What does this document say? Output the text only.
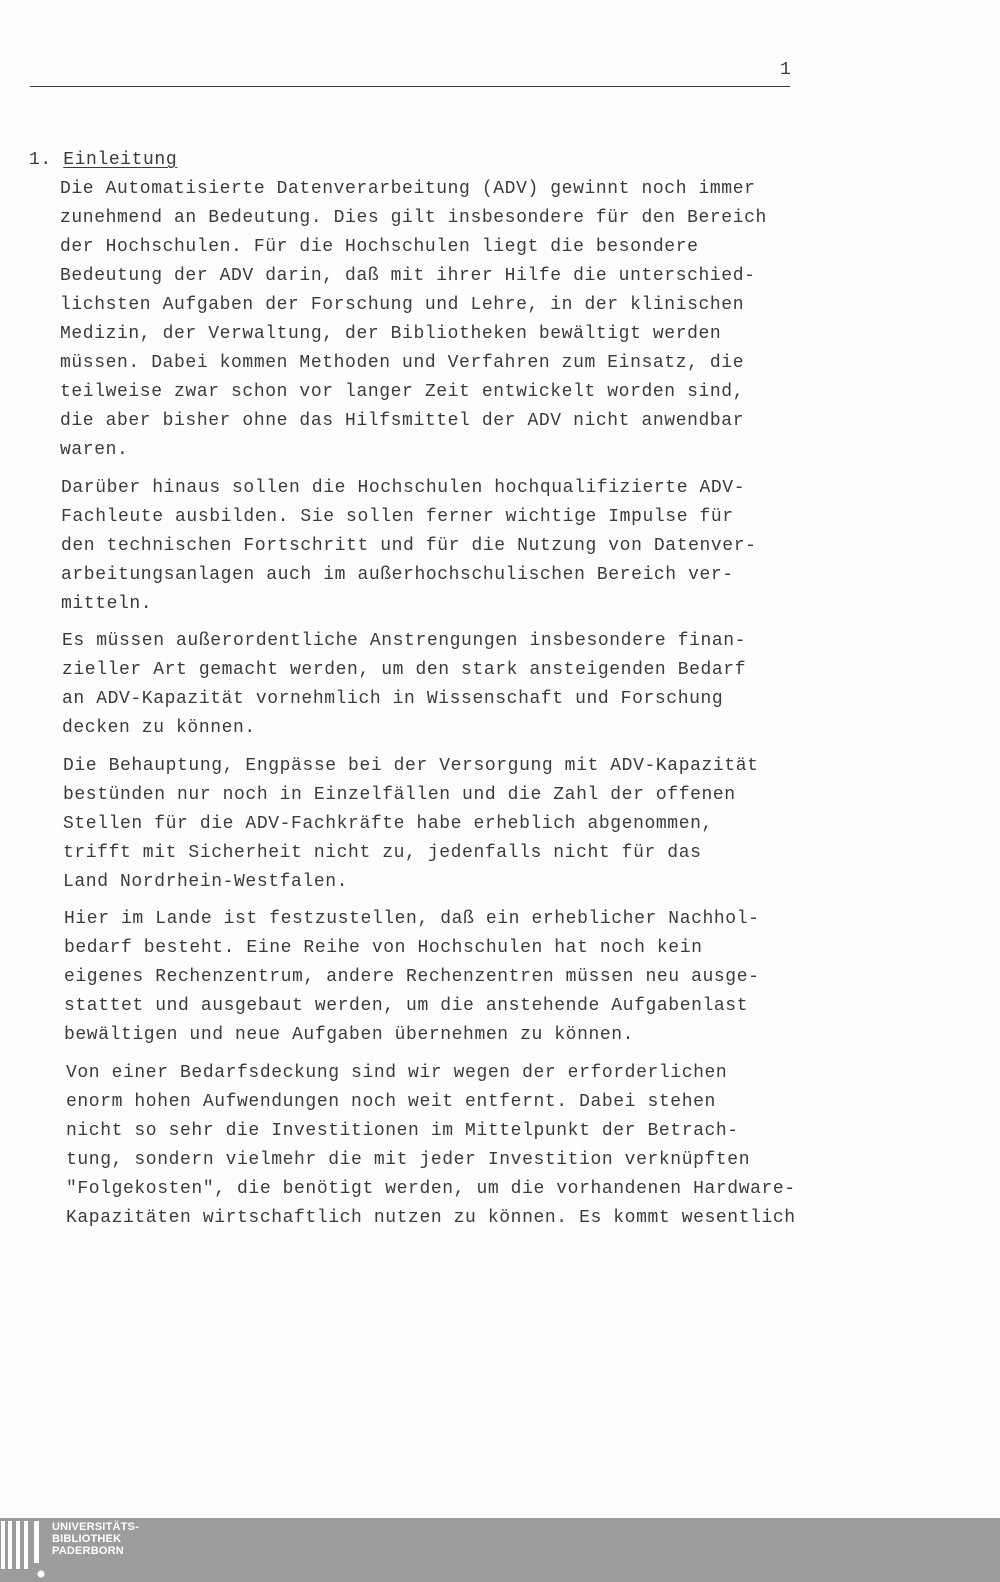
1
1. Einleitung
Die Automatisierte Datenverarbeitung (ADV) gewinnt noch immer
zunehmend an Bedeutung. Dies gilt insbesondere für den Bereich
der Hochschulen. Für die Hochschulen liegt die besondere
Bedeutung der ADV darin, daß mit ihrer Hilfe die unterschied-
lichsten Aufgaben der Forschung und Lehre, in der klinischen
Medizin, der Verwaltung, der Bibliotheken bewältigt werden
müssen. Dabei kommen Methoden und Verfahren zum Einsatz, die
teilweise zwar schon vor langer Zeit entwickelt worden sind,
die aber bisher ohne das Hilfsmittel der ADV nicht anwendbar
waren.
Darüber hinaus sollen die Hochschulen hochqualifizierte ADV-
Fachleute ausbilden. Sie sollen ferner wichtige Impulse für
den technischen Fortschritt und für die Nutzung von Datenver-
arbeitungsanlagen auch im außerhochschulischen Bereich ver-
mitteln.
Es müssen außerordentliche Anstrengungen insbesondere finan-
zieller Art gemacht werden, um den stark ansteigenden Bedarf
an ADV-Kapazität vornehmlich in Wissenschaft und Forschung
decken zu können.
Die Behauptung, Engpässe bei der Versorgung mit ADV-Kapazität
bestünden nur noch in Einzelfällen und die Zahl der offenen
Stellen für die ADV-Fachkräfte habe erheblich abgenommen,
trifft mit Sicherheit nicht zu, jedenfalls nicht für das
Land Nordrhein-Westfalen.
Hier im Lande ist festzustellen, daß ein erheblicher Nachhol-
bedarf besteht. Eine Reihe von Hochschulen hat noch kein
eigenes Rechenzentrum, andere Rechenzentren müssen neu ausge-
stattet und ausgebaut werden, um die anstehende Aufgabenlast
bewältigen und neue Aufgaben übernehmen zu können.
Von einer Bedarfsdeckung sind wir wegen der erforderlichen
enorm hohen Aufwendungen noch weit entfernt. Dabei stehen
nicht so sehr die Investitionen im Mittelpunkt der Betrach-
tung, sondern vielmehr die mit jeder Investition verknüpften
"Folgekosten", die benötigt werden, um die vorhandenen Hardware-
Kapazitäten wirtschaftlich nutzen zu können. Es kommt wesentlich
UNIVERSITÄTS-
BIBLIOTHEK
PADERBORN
